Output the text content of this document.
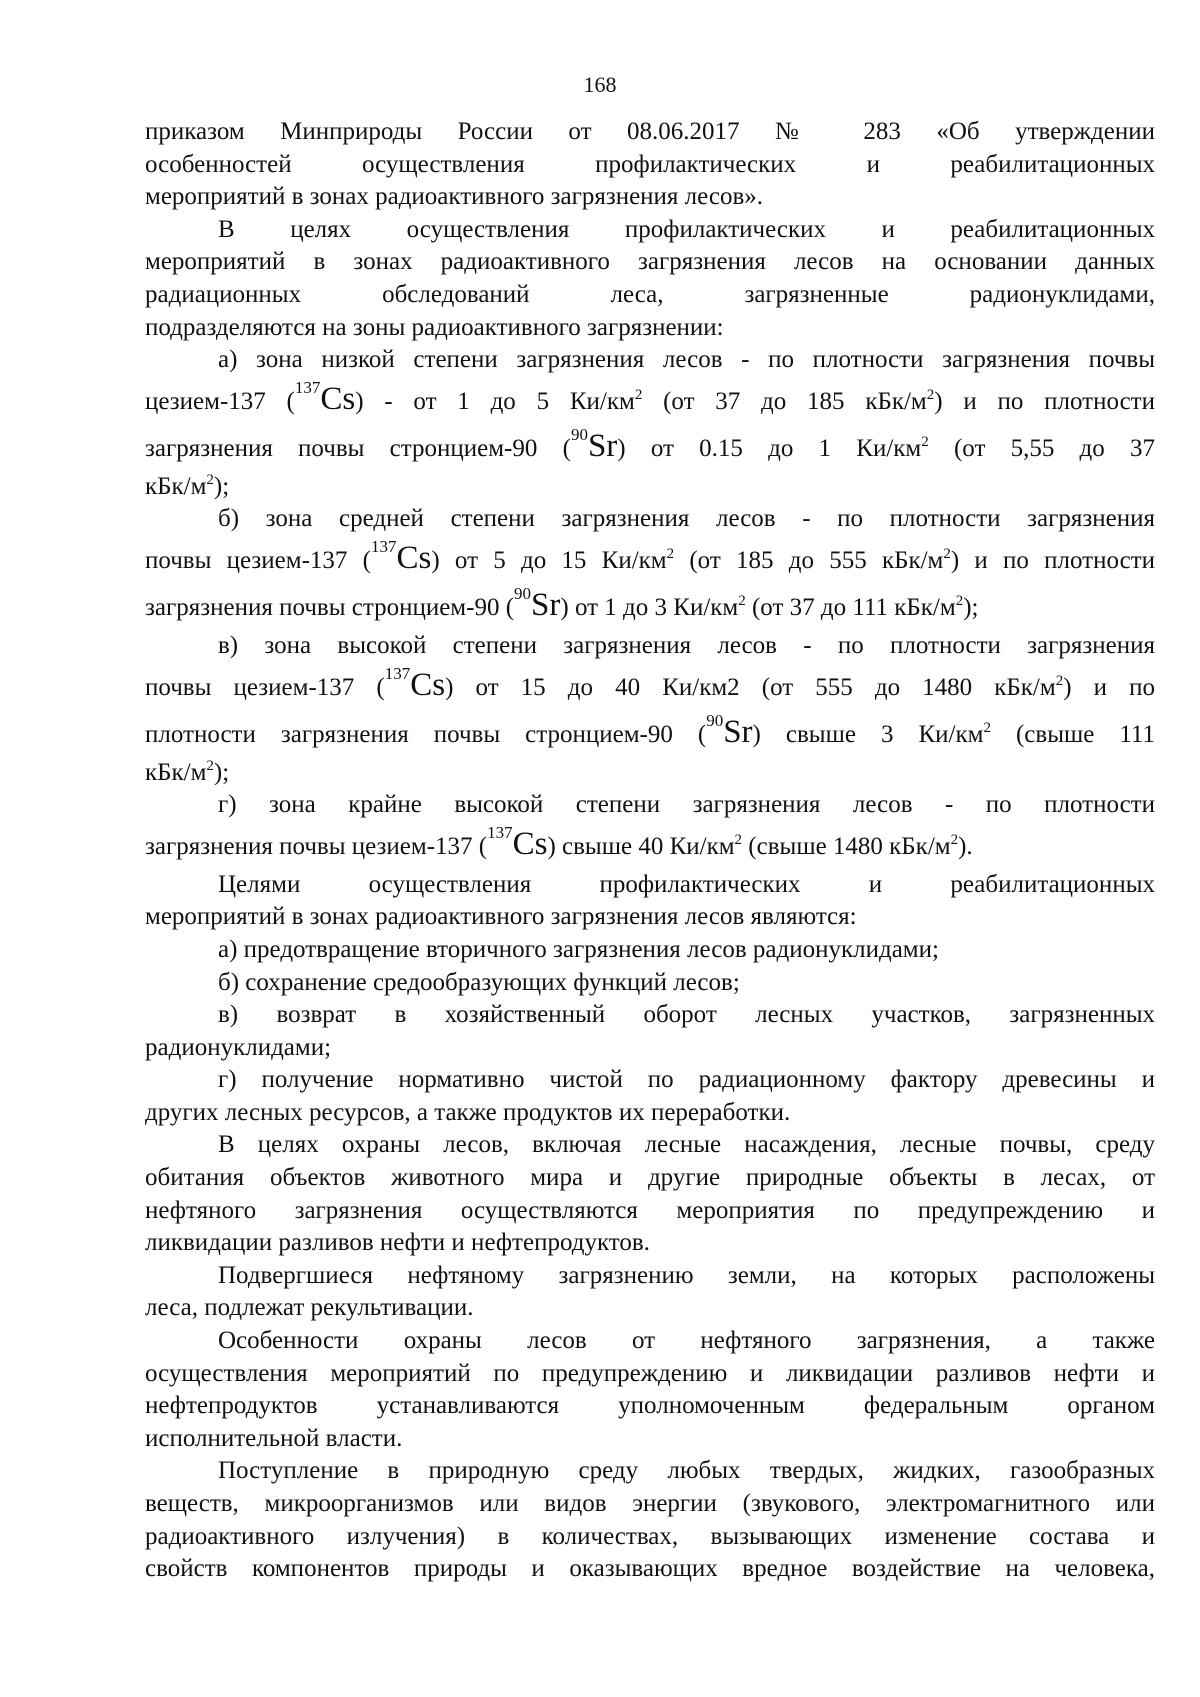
168

приказом Минприроды России от 08.06.2017 № 283 «Об утверждении

особенностей осуществления профилактических и реабилитационных

мероприятий в зонах радиоактивного загрязнения лесов».

В целях осуществления профилактических и реабилитационных

мероприятий в зонах радиоактивного загрязнения лесов на основании данных

радиационных обследований леса, загрязненные радионуклидами,

подразделяются на зоны радиоактивного загрязнении:

а) зона низкой степени загрязнения лесов - по плотности загрязнения почвы

цезием-137 ($^{137}$Cs) - от 1 до 5 $Ки/км^2$ (от 37 до 185 кБк/$м^2$) и по плотности

загрязнения почвы стронцием-90 ($^{90}$Sr) от 0.15 до 1 $Ки/км^2$ (от 5,55 до 37

кБк/$м^2$);

б) зона средней степени загрязнения лесов - по плотности загрязнения

почвы цезием-137 ($^{137}$Cs) от 5 до 15 $Ки/км^2$ (от 185 до 555 кБк/$м^2$) и по плотности

загрязнения почвы стронцием-90 ($^{90}$Sr) от 1 до 3 $Ки/км^2$ (от 37 до 111 кБк/$м^2$);

в) зона высокой степени загрязнения лесов - по плотности загрязнения

почвы цезием-137 ($^{137}$Cs) от 15 до 40 Ки/км2 (от 555 до 1480 кБк/$м^2$) и по

плотности загрязнения почвы стронцием-90 ($^{90}$Sr) свыше 3 $Ки/км^2$ (свыше 111

кБк/$м^2$);

г) зона крайне высокой степени загрязнения лесов - по плотности

загрязнения почвы цезием-137 ($^{137}$Cs) свыше 40 $Ки/км^2$ (свыше 1480 кБк/$м^2$).

Целями осуществления профилактических и реабилитационных

мероприятий в зонах радиоактивного загрязнения лесов являются:

а) предотвращение вторичного загрязнения лесов радионуклидами;

б) сохранение средообразующих функций лесов;

в) возврат в хозяйственный оборот лесных участков, загрязненных

радионуклидами;

г) получение нормативно чистой по радиационному фактору древесины и

других лесных ресурсов, а также продуктов их переработки.

В целях охраны лесов, включая лесные насаждения, лесные почвы, среду

обитания объектов животного мира и другие природные объекты в лесах, от

нефтяного загрязнения осуществляются мероприятия по предупреждению и

ликвидации разливов нефти и нефтепродуктов.

Подвергшиеся нефтяному загрязнению земли, на которых расположены

леса, подлежат рекультивации.

Особенности охраны лесов от нефтяного загрязнения, а также

осуществления мероприятий по предупреждению и ликвидации разливов нефти и

нефтепродуктов устанавливаются уполномоченным федеральным органом

исполнительной власти.

Поступление в природную среду любых твердых, жидких, газообразных

веществ, микроорганизмов или видов энергии (звукового, электромагнитного или

радиоактивного излучения) в количествах, вызывающих изменение состава и

свойств компонентов природы и оказывающих вредное воздействие на человека,
